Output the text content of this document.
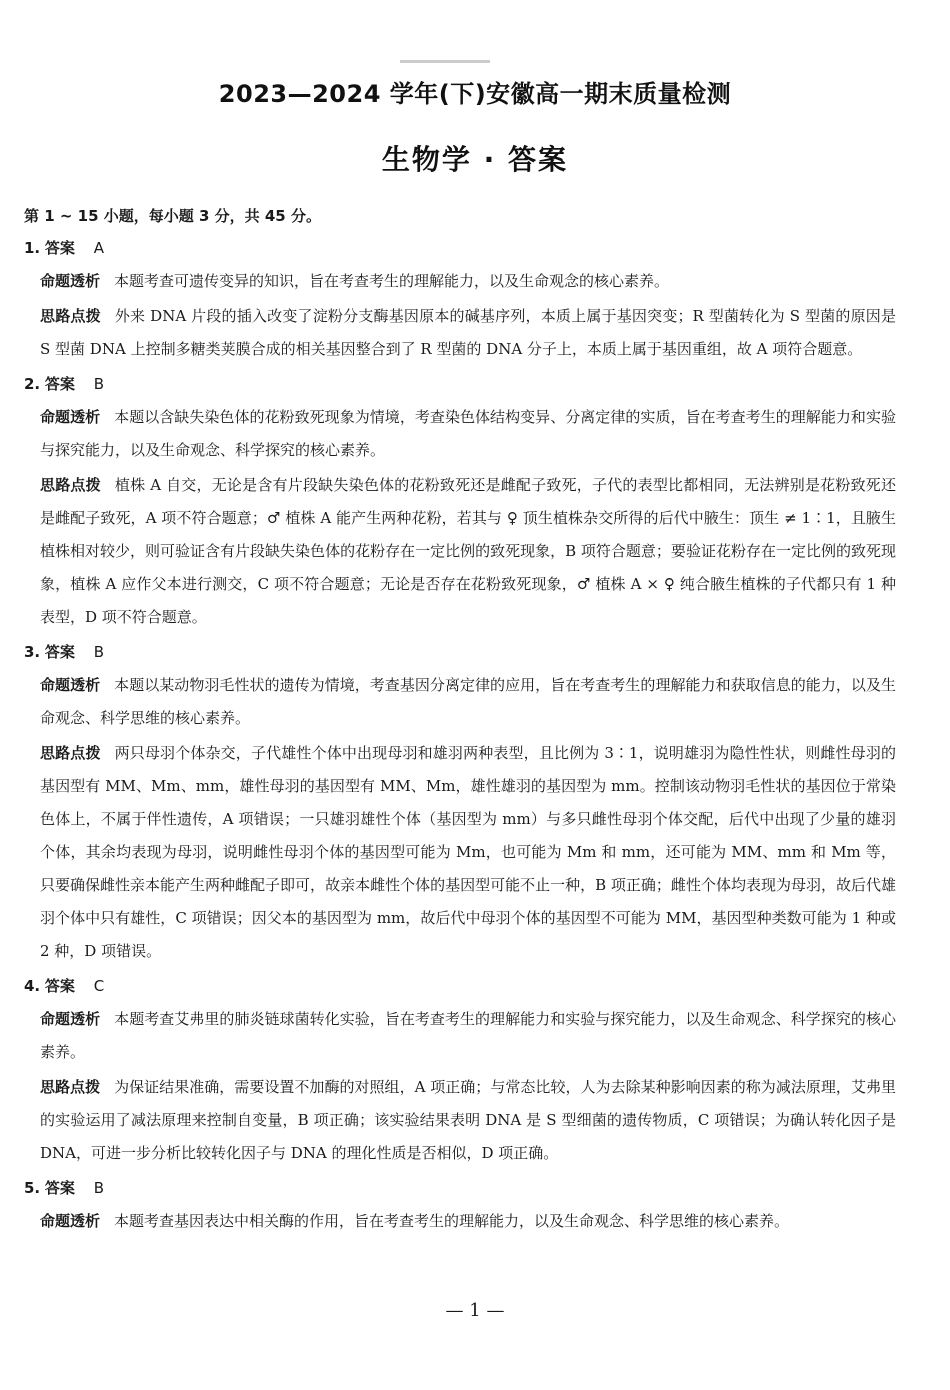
2023—2024 学年(下)安徽高一期末质量检测
生物学 · 答案
第 1 ~ 15 小题，每小题 3 分，共 45 分。
1. 答案 A

命题透析 本题考查可遗传变异的知识，旨在考查考生的理解能力，以及生命观念的核心素养。

思路点拨 外来 DNA 片段的插入改变了淀粉分支酶基因原本的碱基序列，本质上属于基因突变；R 型菌转化为 S 型菌的原因是 S 型菌 DNA 上控制多糖类荚膜合成的相关基因整合到了 R 型菌的 DNA 分子上，本质上属于基因重组，故 A 项符合题意。

2. 答案 B

命题透析 本题以含缺失染色体的花粉致死现象为情境，考查染色体结构变异、分离定律的实质，旨在考查考生的理解能力和实验与探究能力，以及生命观念、科学探究的核心素养。

思路点拨 植株 A 自交，无论是含有片段缺失染色体的花粉致死还是雌配子致死，子代的表型比都相同，无法辨别是花粉致死还是雌配子致死，A 项不符合题意；♂ 植株 A 能产生两种花粉，若其与 ♀ 顶生植株杂交所得的后代中腋生：顶生 ≠ 1∶1，且腋生植株相对较少，则可验证含有片段缺失染色体的花粉存在一定比例的致死现象，B 项符合题意；要验证花粉存在一定比例的致死现象，植株 A 应作父本进行测交，C 项不符合题意；无论是否存在花粉致死现象，♂ 植株 A × ♀ 纯合腋生植株的子代都只有 1 种表型，D 项不符合题意。

3. 答案 B

命题透析 本题以某动物羽毛性状的遗传为情境，考查基因分离定律的应用，旨在考查考生的理解能力和获取信息的能力，以及生命观念、科学思维的核心素养。

思路点拨 两只母羽个体杂交，子代雄性个体中出现母羽和雄羽两种表型，且比例为 3∶1，说明雄羽为隐性性状，则雌性母羽的基因型有 MM、Mm、mm，雄性母羽的基因型有 MM、Mm，雄性雄羽的基因型为 mm。控制该动物羽毛性状的基因位于常染色体上，不属于伴性遗传，A 项错误；一只雄羽雄性个体（基因型为 mm）与多只雌性母羽个体交配，后代中出现了少量的雄羽个体，其余均表现为母羽，说明雌性母羽个体的基因型可能为 Mm，也可能为 Mm 和 mm，还可能为 MM、mm 和 Mm 等，只要确保雌性亲本能产生两种雌配子即可，故亲本雌性个体的基因型可能不止一种，B 项正确；雌性个体均表现为母羽，故后代雄羽个体中只有雄性，C 项错误；因父本的基因型为 mm，故后代中母羽个体的基因型不可能为 MM，基因型种类数可能为 1 种或 2 种，D 项错误。

4. 答案 C

命题透析 本题考查艾弗里的肺炎链球菌转化实验，旨在考查考生的理解能力和实验与探究能力，以及生命观念、科学探究的核心素养。

思路点拨 为保证结果准确，需要设置不加酶的对照组，A 项正确；与常态比较，人为去除某种影响因素的称为减法原理，艾弗里的实验运用了减法原理来控制自变量，B 项正确；该实验结果表明 DNA 是 S 型细菌的遗传物质，C 项错误；为确认转化因子是 DNA，可进一步分析比较转化因子与 DNA 的理化性质是否相似，D 项正确。

5. 答案 B

命题透析 本题考查基因表达中相关酶的作用，旨在考查考生的理解能力，以及生命观念、科学思维的核心素养。

— 1 —
